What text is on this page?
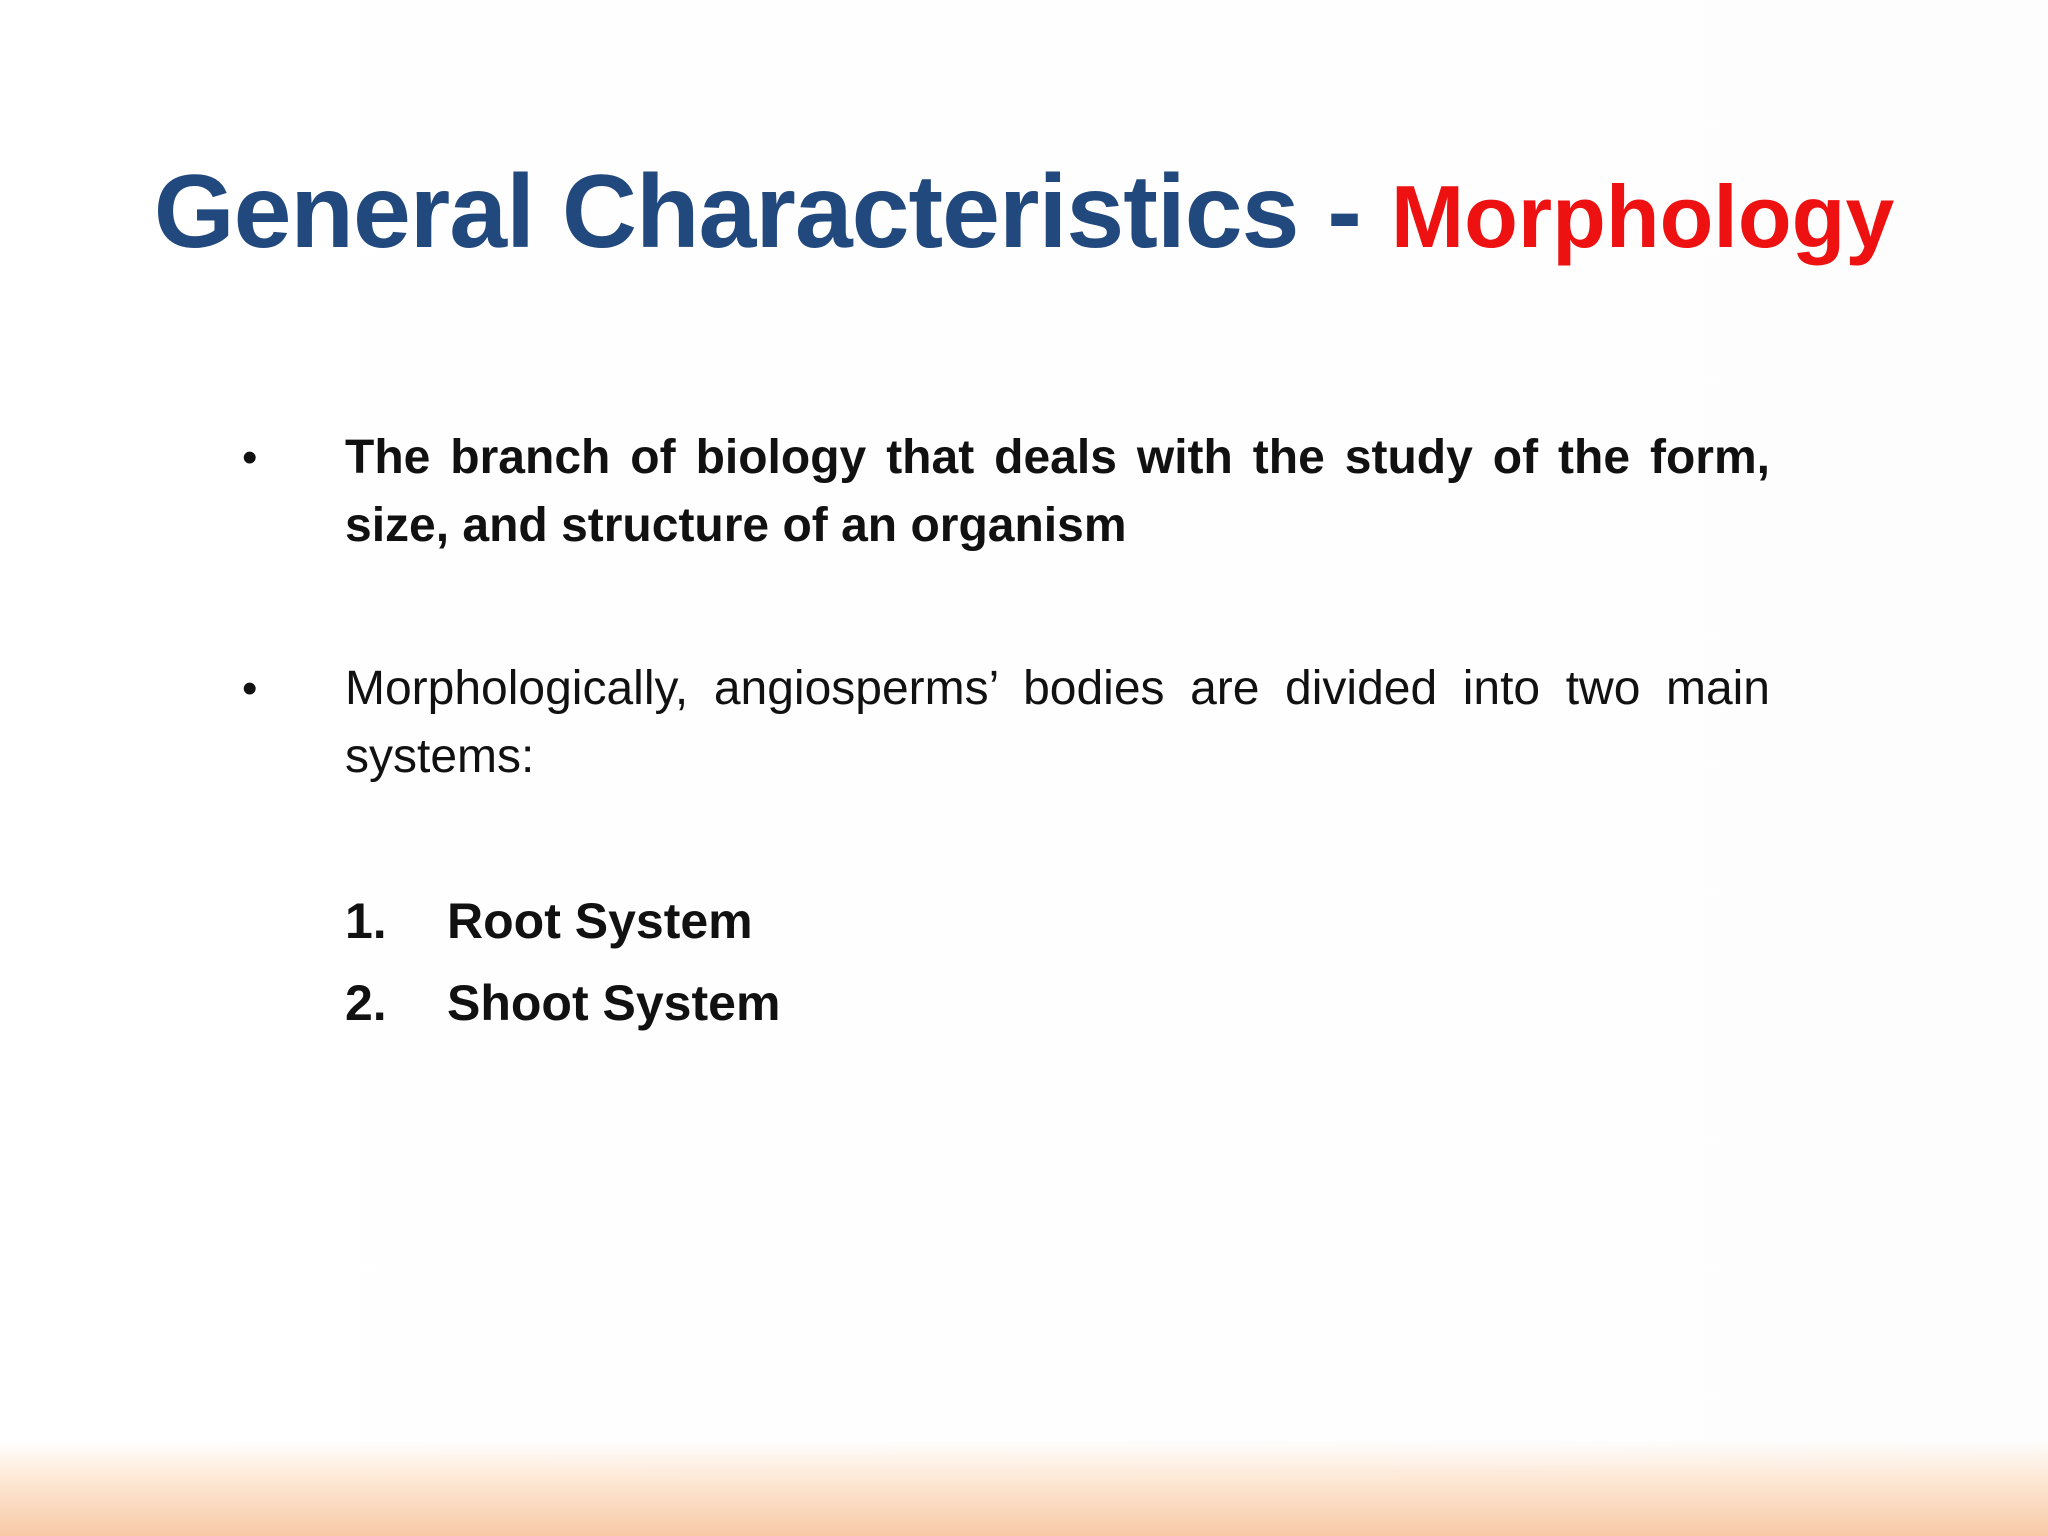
General Characteristics - Morphology
• The branch of biology that deals with the study of the form, size, and structure of an organism
• Morphologically, angiosperms’ bodies are divided into two main systems:
1. Root System
2. Shoot System
